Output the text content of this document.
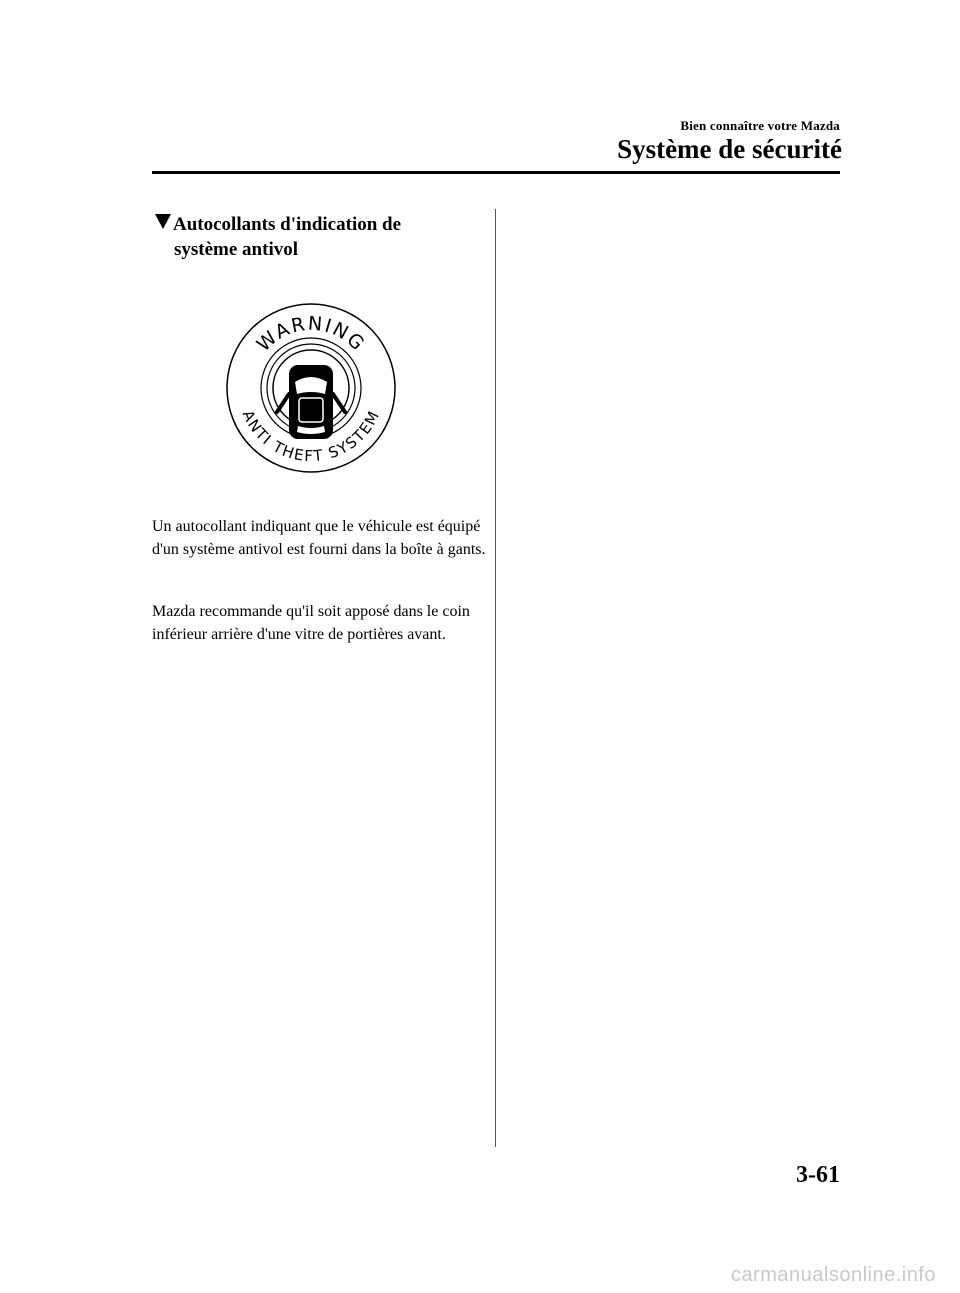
Bien connaître votre Mazda
Système de sécurité
Autocollants d'indication de
système antivol
WARNING
ANTI THEFT SYSTEM

Un autocollant indiquant que le véhicule est équipé d'un système antivol est fourni dans la boîte à gants.

Mazda recommande qu'il soit apposé dans le coin inférieur arrière d'une vitre de portières avant.

3-61
carmanualsonline.info
